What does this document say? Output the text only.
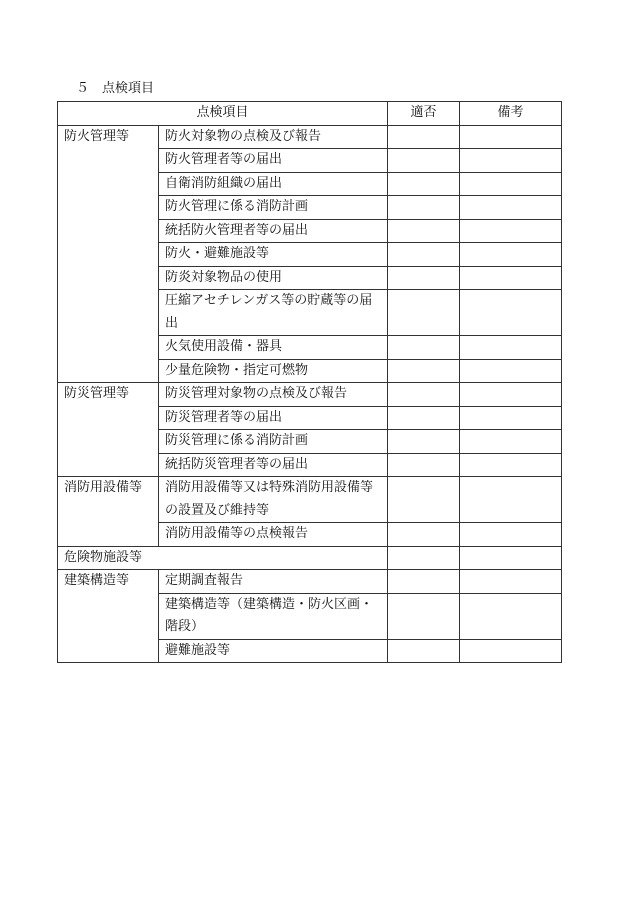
５　点検項目
点検項目		適否	備考
防火管理等	防火対象物の点検及び報告		
	防火管理者等の届出		
	自衛消防組織の届出		
	防火管理に係る消防計画		
	統括防火管理者等の届出		
	防火・避難施設等		
	防炎対象物品の使用		
	圧縮アセチレンガス等の貯蔵等の届出		
	火気使用設備・器具		
	少量危険物・指定可燃物		
防災管理等	防災管理対象物の点検及び報告		
	防災管理者等の届出		
	防災管理に係る消防計画		
	統括防災管理者等の届出		
消防用設備等	消防用設備等又は特殊消防用設備等の設置及び維持等		
	消防用設備等の点検報告		
危険物施設等			
建築構造等	定期調査報告		
	建築構造等（建築構造・防火区画・階段）		
	避難施設等		
